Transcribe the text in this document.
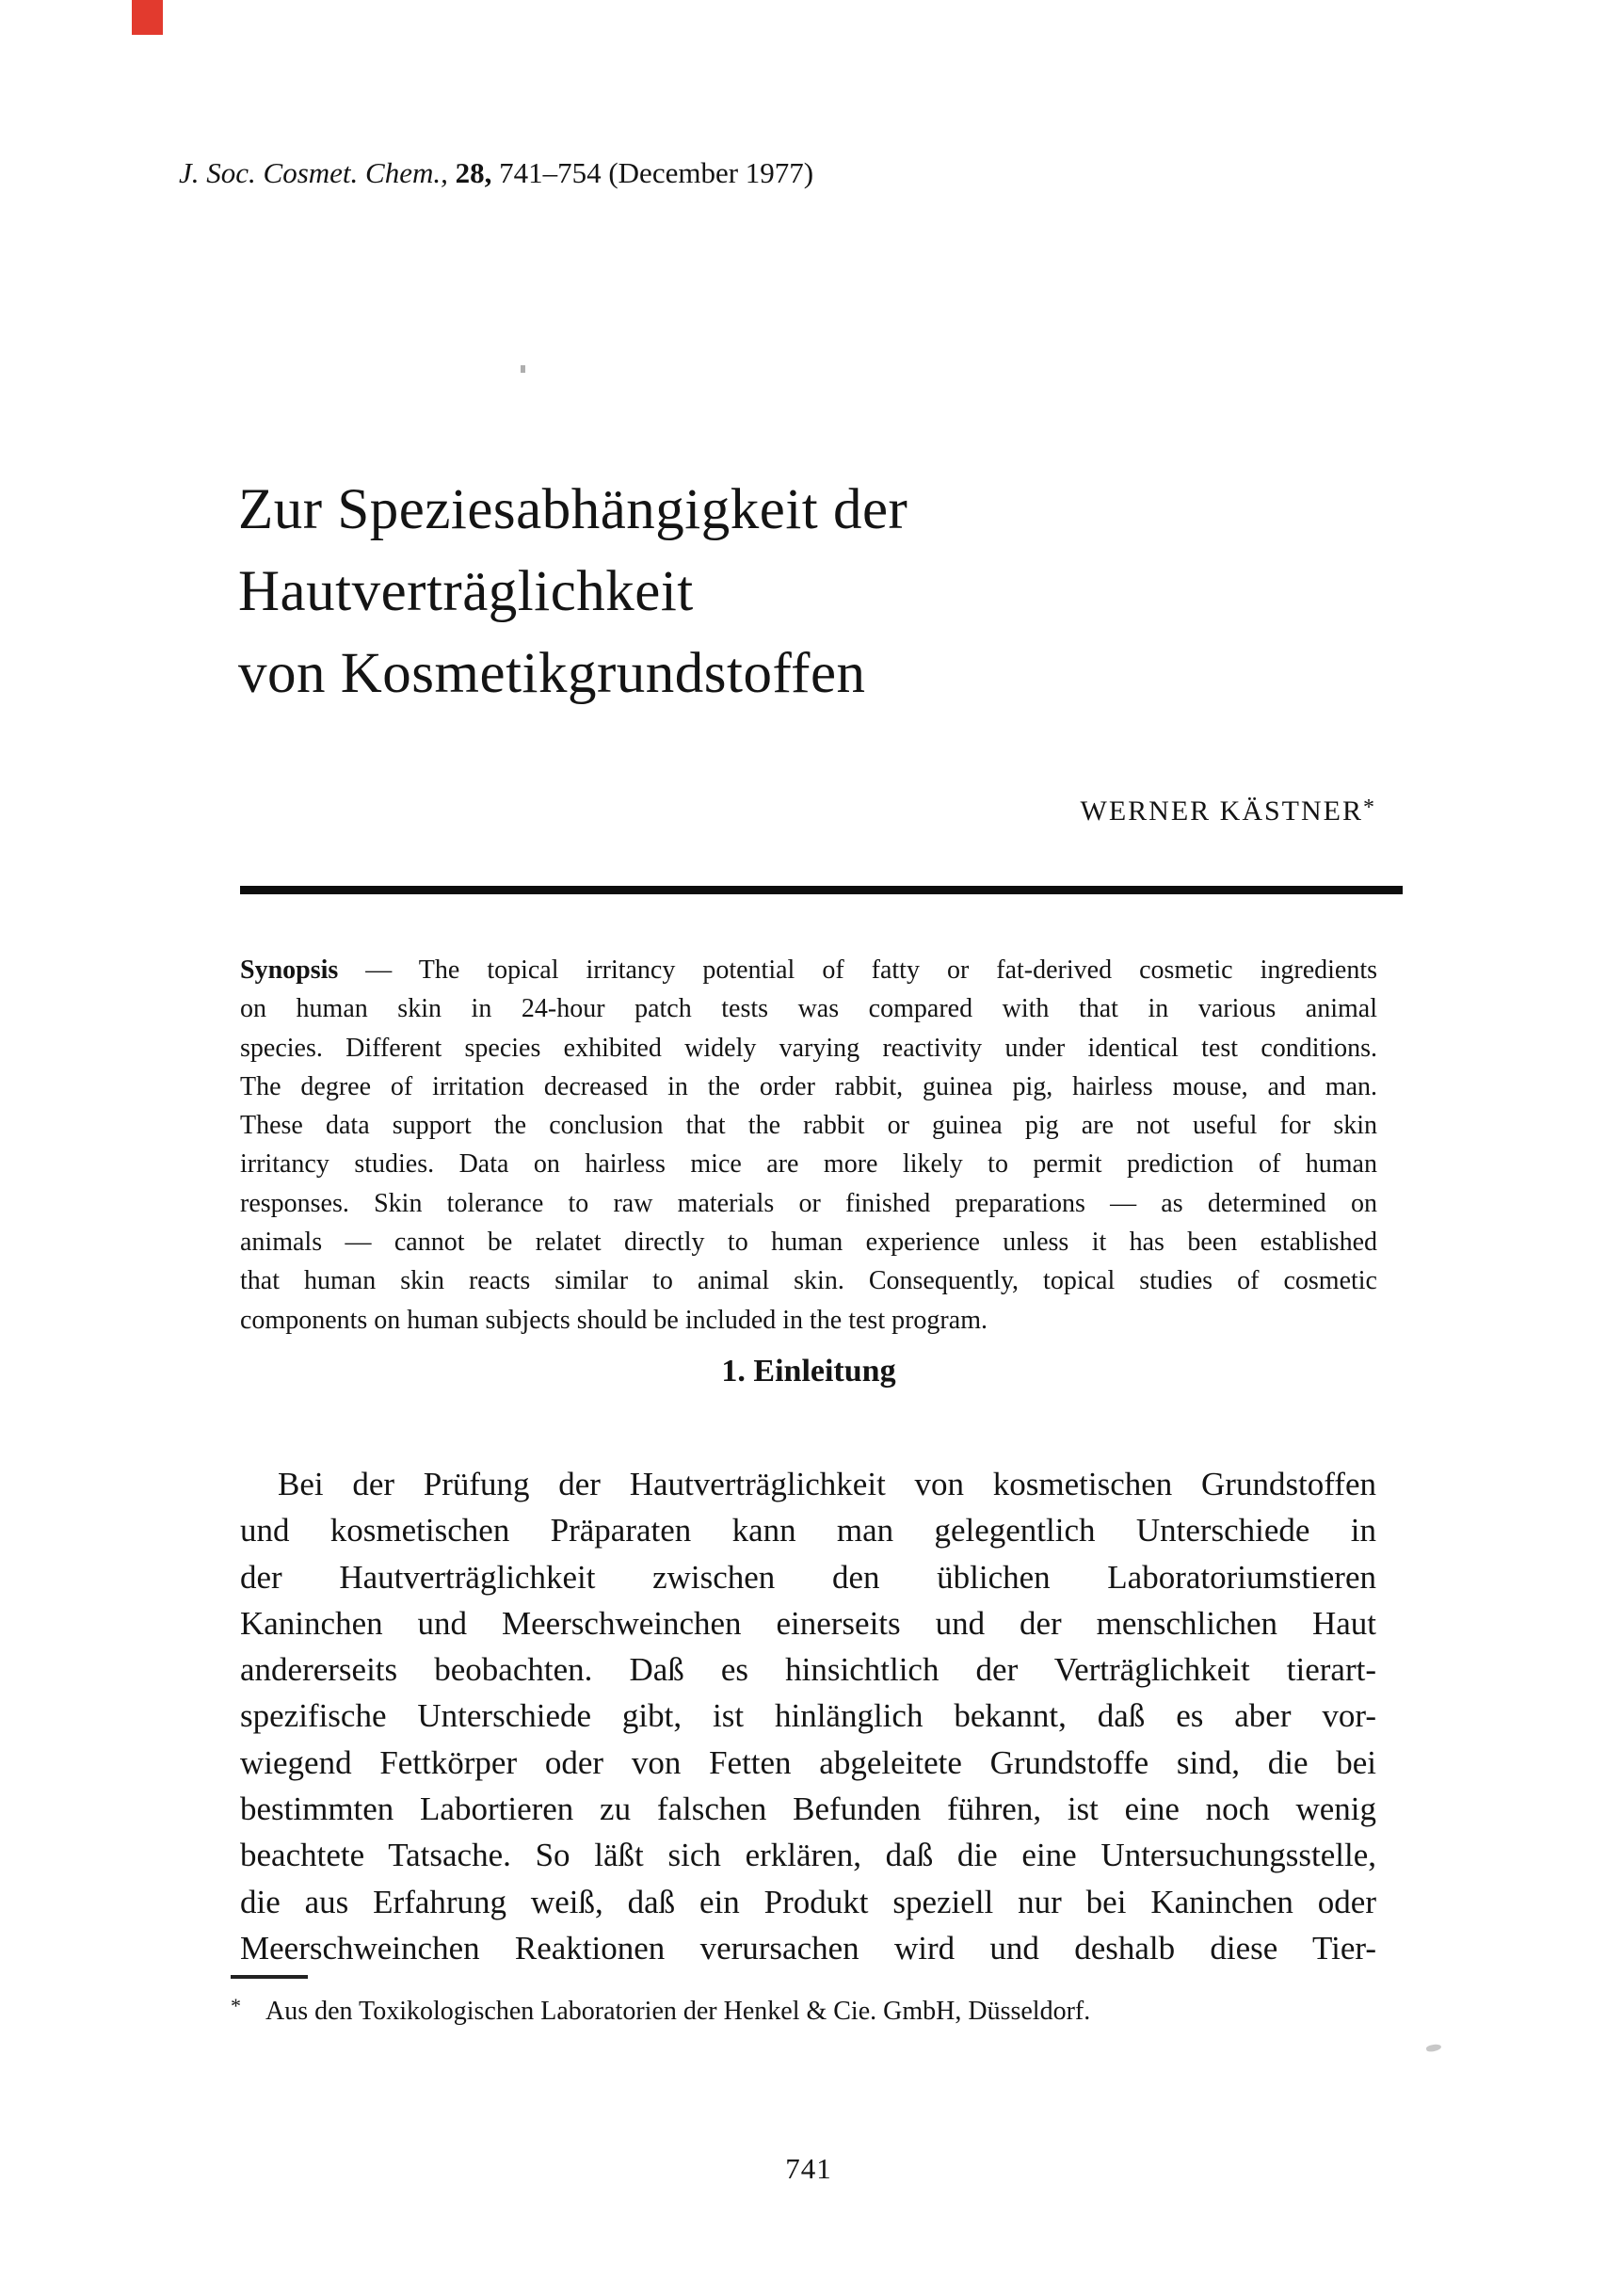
J. Soc. Cosmet. Chem., 28, 741–754 (December 1977)
Zur Speziesabhängigkeit der
Hautverträglichkeit
von Kosmetikgrundstoffen
WERNER KÄSTNER*
Synopsis — The topical irritancy potential of fatty or fat-derived cosmetic ingredients
on human skin in 24-hour patch tests was compared with that in various animal
species. Different species exhibited widely varying reactivity under identical test conditions.
The degree of irritation decreased in the order rabbit, guinea pig, hairless mouse, and man.
These data support the conclusion that the rabbit or guinea pig are not useful for skin
irritancy studies. Data on hairless mice are more likely to permit prediction of human
responses. Skin tolerance to raw materials or finished preparations — as determined on
animals — cannot be relatet directly to human experience unless it has been established
that human skin reacts similar to animal skin. Consequently, topical studies of cosmetic
components on human subjects should be included in the test program.
1. Einleitung
Bei der Prüfung der Hautverträglichkeit von kosmetischen Grundstoffen
und kosmetischen Präparaten kann man gelegentlich Unterschiede in
der Hautverträglichkeit zwischen den üblichen Laboratoriumstieren
Kaninchen und Meerschweinchen einerseits und der menschlichen Haut
andererseits beobachten. Daß es hinsichtlich der Verträglichkeit tierart-
spezifische Unterschiede gibt, ist hinlänglich bekannt, daß es aber vor-
wiegend Fettkörper oder von Fetten abgeleitete Grundstoffe sind, die bei
bestimmten Labortieren zu falschen Befunden führen, ist eine noch wenig
beachtete Tatsache. So läßt sich erklären, daß die eine Untersuchungsstelle,
die aus Erfahrung weiß, daß ein Produkt speziell nur bei Kaninchen oder
Meerschweinchen Reaktionen verursachen wird und deshalb diese Tier-
* Aus den Toxikologischen Laboratorien der Henkel & Cie. GmbH, Düsseldorf.
741
